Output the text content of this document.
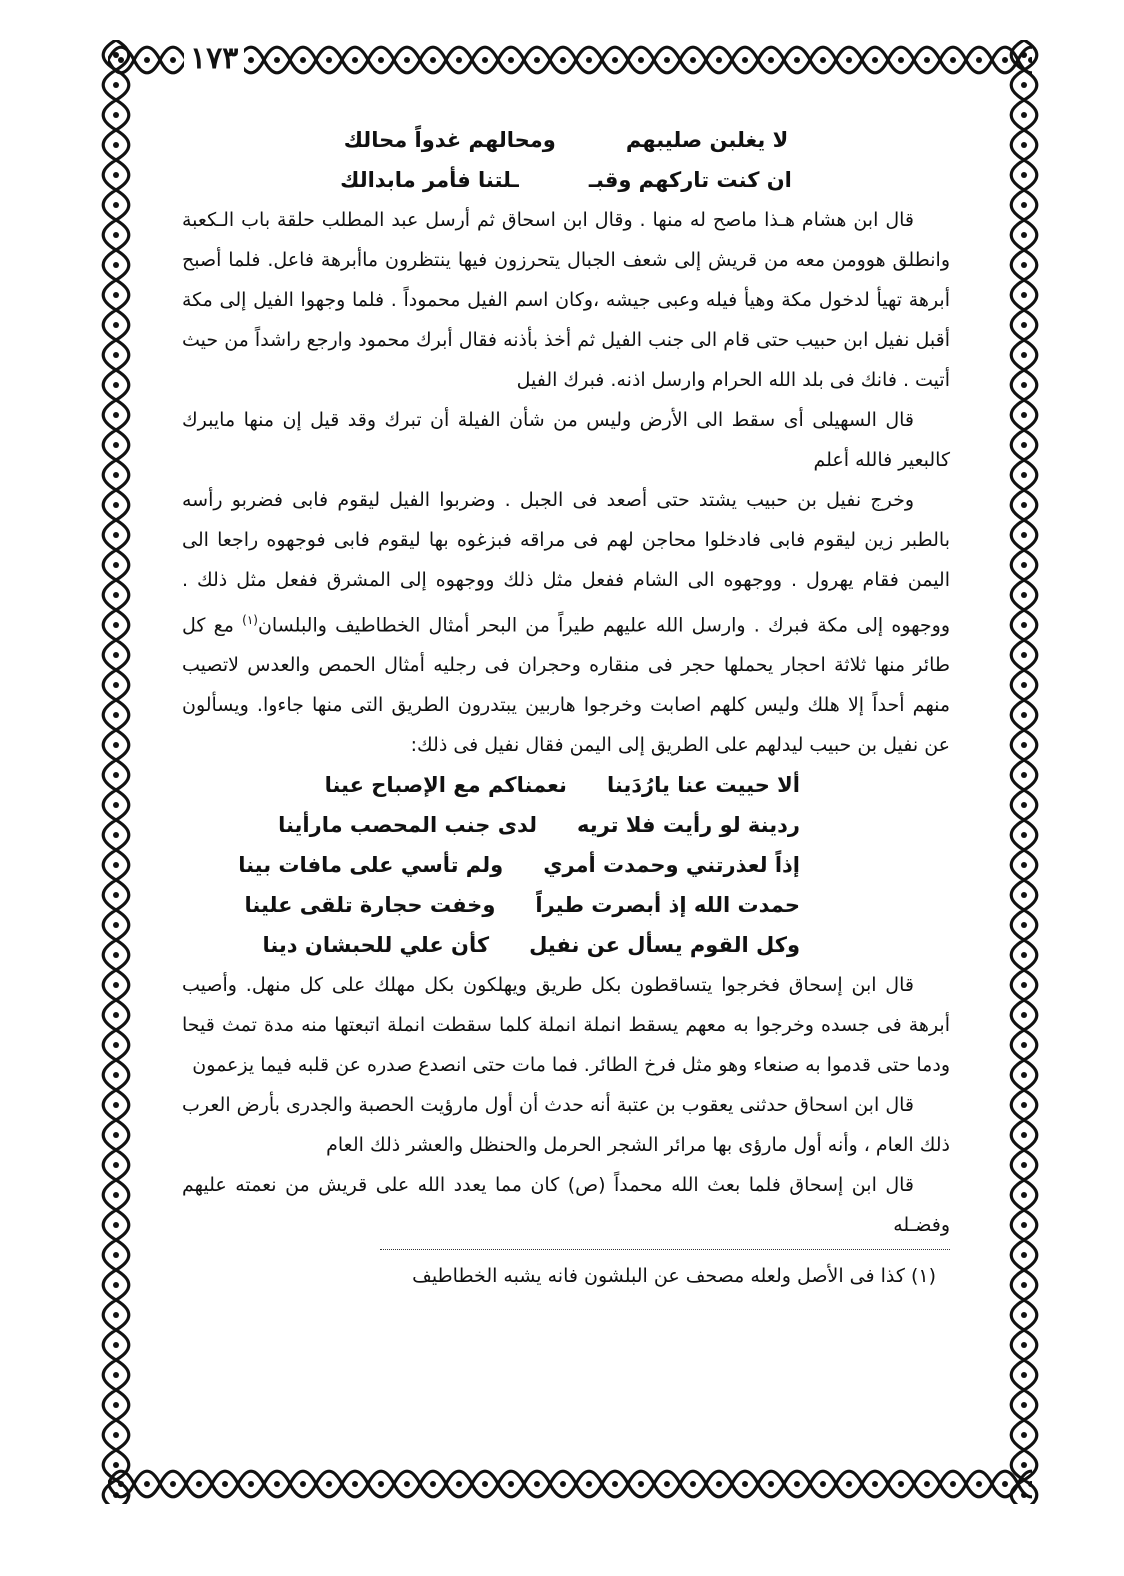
١٧٣
لا يغلبن صليبهم
ومحالهم غدواً محالك
ان كنت تاركهم وقبـ
ـلتنا فأمر مابدالك

قال ابن هشام هـذا ماصح له منها . وقال ابن اسحاق ثم أرسل عبد المطلب حلقة باب الـكعبة وانطلق هوومن معه من قريش إلى شعف الجبال يتحرزون فيها ينتظرون ماأبرهة فاعل. فلما أصبح أبرهة تهيأ لدخول مكة وهيأ فيله وعبى جيشه ،وكان اسم الفيل محموداً . فلما وجهوا الفيل إلى مكة أقبل نفيل ابن حبيب حتى قام الى جنب الفيل ثم أخذ بأذنه فقال أبرك محمود وارجع راشداً من حيث أتيت . فانك فى بلد الله الحرام وارسل اذنه. فبرك الفيل

قال السهيلى أى سقط الى الأرض وليس من شأن الفيلة أن تبرك وقد قيل إن منها مايبرك كالبعير فالله أعلم

وخرج نفيل بن حبيب يشتد حتى أصعد فى الجبل . وضربوا الفيل ليقوم فابى فضربو رأسه بالطبر زين ليقوم فابى فادخلوا محاجن لهم فى مراقه فبزغوه بها ليقوم فابى فوجهوه راجعا الى اليمن فقام يهرول . ووجهوه الى الشام ففعل مثل ذلك ووجهوه إلى المشرق ففعل مثل ذلك . ووجهوه إلى مكة فبرك . وارسل الله عليهم طيراً من البحر أمثال الخطاطيف والبلسان$^{(١)}$ مع كل طائر منها ثلاثة احجار يحملها حجر فى منقاره وحجران فى رجليه أمثال الحمص والعدس لاتصيب منهم أحداً إلا هلك وليس كلهم اصابت وخرجوا هاربين يبتدرون الطريق التى منها جاءوا. ويسألون عن نفيل بن حبيب ليدلهم على الطريق إلى اليمن فقال نفيل فى ذلك:

ألا حييت عنا يارُدَينا
نعمناكم مع الإصباح عينا
ردينة لو رأيت فلا تريه
لدى جنب المحصب مارأينا
إذاً لعذرتني وحمدت أمري
ولم تأسي على مافات بينا
حمدت الله إذ أبصرت طيراً
وخفت حجارة تلقى علينا
وكل القوم يسأل عن نفيل
كأن علي للحبشان دينا

قال ابن إسحاق فخرجوا يتساقطون بكل طريق ويهلكون بكل مهلك على كل منهل. وأصيب أبرهة فى جسده وخرجوا به معهم يسقط انملة انملة كلما سقطت انملة اتبعتها منه مدة تمث قيحا ودما حتى قدموا به صنعاء وهو مثل فرخ الطائر. فما مات حتى انصدع صدره عن قلبه فيما يزعمون

قال ابن اسحاق حدثنى يعقوب بن عتبة أنه حدث أن أول مارؤيت الحصبة والجدرى بأرض العرب ذلك العام ، وأنه أول مارؤى بها مرائر الشجر الحرمل والحنظل والعشر ذلك العام

قال ابن إسحاق فلما بعث الله محمداً (ص) كان مما يعدد الله على قريش من نعمته عليهم وفضـله

(١) كذا فى الأصل ولعله مصحف عن البلشون فانه يشبه الخطاطيف
